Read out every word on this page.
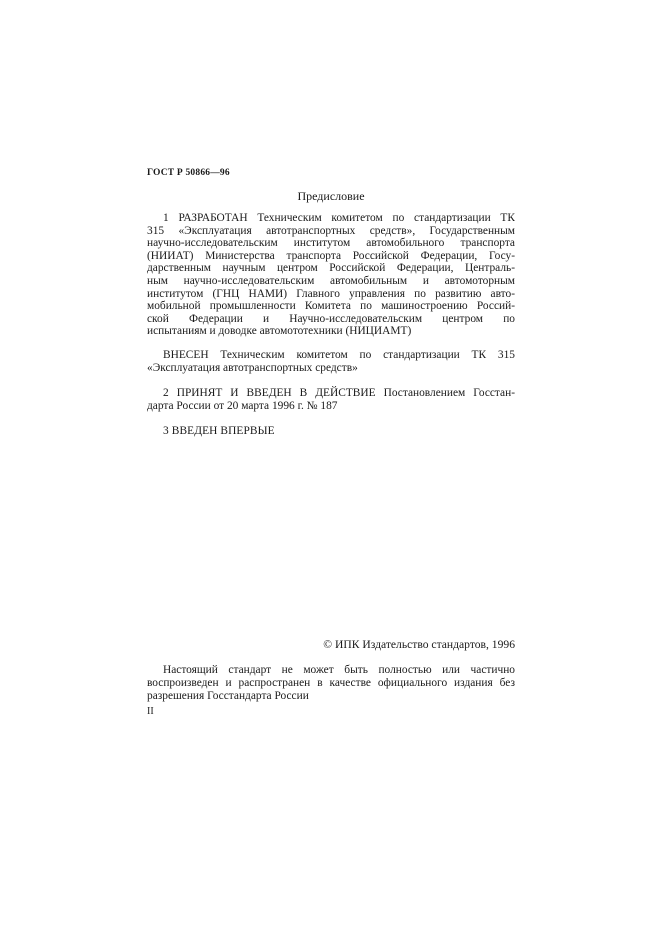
ГОСТ Р 50866—96
Предисловие
1 РАЗРАБОТАН Техническим комитетом по стандартизации ТК
315 «Эксплуатация автотранспортных средств», Государственным
научно-исследовательским институтом автомобильного транспорта
(НИИАТ) Министерства транспорта Российской Федерации, Госу-
дарственным научным центром Российской Федерации, Централь-
ным научно-исследовательским автомобильным и автомоторным
институтом (ГНЦ НАМИ) Главного управления по развитию авто-
мобильной промышленности Комитета по машиностроению Россий-
ской Федерации и Научно-исследовательским центром по
испытаниям и доводке автомототехники (НИЦИАМТ)
ВНЕСЕН Техническим комитетом по стандартизации ТК 315
«Эксплуатация автотранспортных средств»
2 ПРИНЯТ И ВВЕДЕН В ДЕЙСТВИЕ Постановлением Госстан-
дарта России от 20 марта 1996 г. № 187
3 ВВЕДЕН ВПЕРВЫЕ
© ИПК Издательство стандартов, 1996
Настоящий стандарт не может быть полностью или частично
воспроизведен и распространен в качестве официального издания без
разрешения Госстандарта России
II
